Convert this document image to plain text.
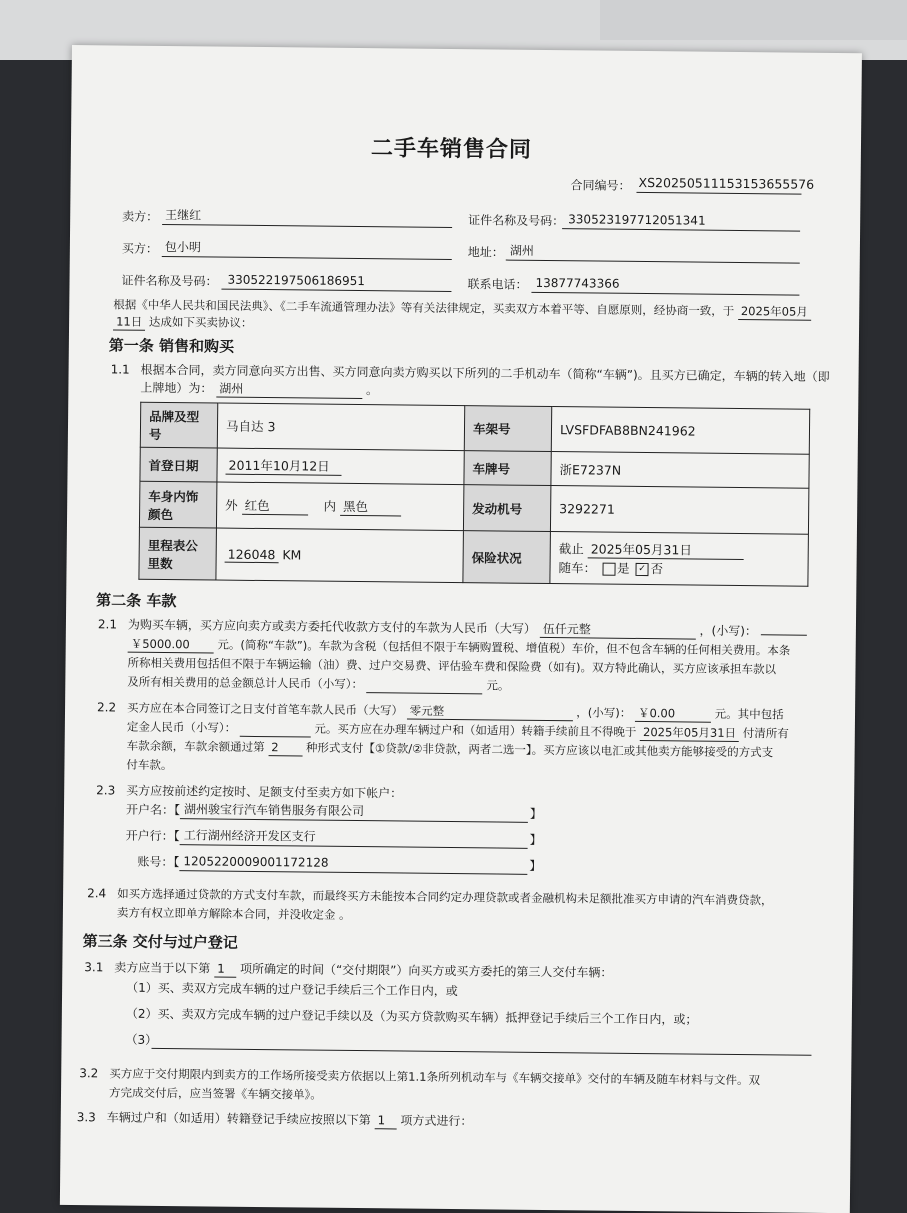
二手车销售合同
合同编号： XS20250511153153655576
卖方： 王继红	证件名称及号码： 330523197712051341
买方： 包小明	地址： 湖州
证件名称及号码： 330522197506186951	联系电话： 13877743366
根据《中华人民共和国民法典》、《二手车流通管理办法》等有关法律规定，买卖双方本着平等、自愿原则，经协商一致，于 2025年05月
11日 达成如下买卖协议：
第一条 销售和购买
1.1 根据本合同，卖方同意向买方出售、买方同意向卖方购买以下所列的二手机动车（简称“车辆”)。且买方已确定，车辆的转入地（即
上牌地）为： 湖州	。
品牌及型号	马自达 3	车架号	LVSFDFAB8BN241962
首登日期	2011年10月12日	车牌号	浙E7237N
车身内饰颜色	外 红色 内 黑色	发动机号	3292271
里程表公里数	126048 KM	保险状况	截止 2025年05月31日
随车： 是 ✓ 否
第二条 车款
2.1 为购买车辆，买方应向卖方或卖方委托代收款方支付的车款为人民币（大写） 伍仟元整	，(小写)：
￥5000.00 元。(简称“车款”)。车款为含税（包括但不限于车辆购置税、增值税）车价，但不包含车辆的任何相关费用。本条
所称相关费用包括但不限于车辆运输（油）费、过户交易费、评估验车费和保险费（如有)。双方特此确认，买方应该承担车款以
及所有相关费用的总金额总计人民币（小写）：	元。
2.2 买方应在本合同签订之日支付首笔车款人民币（大写） 零元整	，(小写)： ￥0.00	元。其中包括
定金人民币（小写）：	元。买方应在办理车辆过户和（如适用）转籍手续前且不得晚于 2025年05月31日 付清所有
车款余额，车款余额通过第 2 种形式支付【①贷款/②非贷款，两者二选一】。买方应该以电汇或其他卖方能够接受的方式支
付车款。
2.3 买方应按前述约定按时、足额支付至卖方如下帐户：
开户名：【 湖州骏宝行汽车销售服务有限公司	】
开户行：【 工行湖州经济开发区支行	】
账号：【 1205220009001172128	】
2.4 如买方选择通过贷款的方式支付车款，而最终买方未能按本合同约定办理贷款或者金融机构未足额批准买方申请的汽车消费贷款，
卖方有权立即单方解除本合同，并没收定金 。
第三条 交付与过户登记
3.1 卖方应当于以下第 1 项所确定的时间（“交付期限”）向买方或买方委托的第三人交付车辆：
（1）买、卖双方完成车辆的过户登记手续后三个工作日内，或
（2）买、卖双方完成车辆的过户登记手续以及（为买方贷款购买车辆）抵押登记手续后三个工作日内，或；
（3）
3.2 买方应于交付期限内到卖方的工作场所接受卖方依据以上第1.1条所列机动车与《车辆交接单》交付的车辆及随车材料与文件。双
方完成交付后，应当签署《车辆交接单》。
3.3 车辆过户和（如适用）转籍登记手续应按照以下第 1 项方式进行：
